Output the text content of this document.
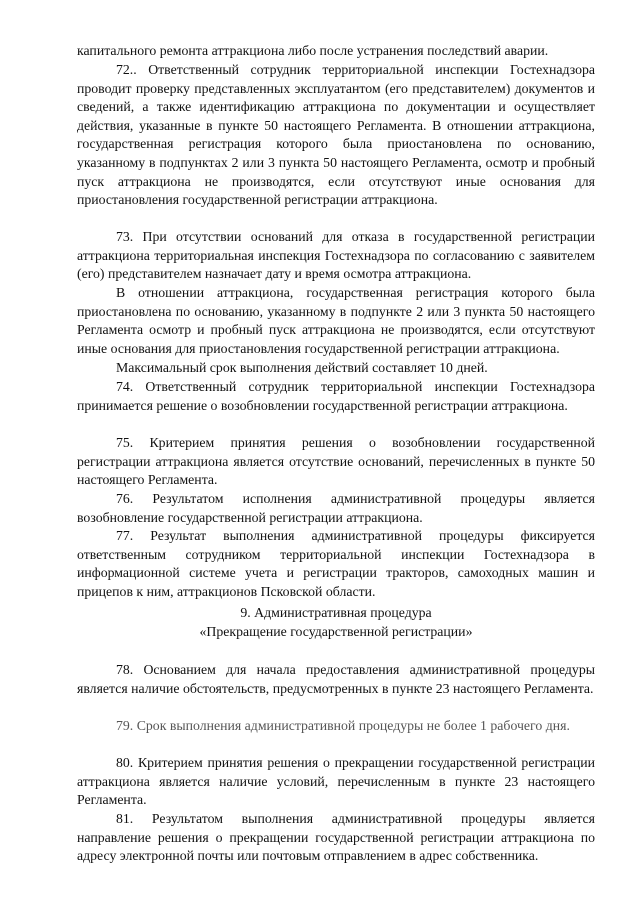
капитального ремонта аттракциона либо после устранения последствий аварии.

72.. Ответственный сотрудник территориальной инспекции Гостехнадзора проводит проверку представленных эксплуатантом (его представителем) документов и сведений, а также идентификацию аттракциона по документации и осуществляет действия, указанные в пункте 50 настоящего Регламента. В отношении аттракциона, государственная регистрация которого была приостановлена по основанию, указанному в подпунктах 2 или 3 пункта 50 настоящего Регламента, осмотр и пробный пуск аттракциона не производятся, если отсутствуют иные основания для приостановления государственной регистрации аттракциона.

73. При отсутствии оснований для отказа в государственной регистрации аттракциона территориальная инспекция Гостехнадзора по согласованию с заявителем (его) представителем назначает дату и время осмотра аттракциона.

В отношении аттракциона, государственная регистрация которого была приостановлена по основанию, указанному в подпункте 2 или 3 пункта 50 настоящего Регламента осмотр и пробный пуск аттракциона не производятся, если отсутствуют иные основания для приостановления государственной регистрации аттракциона.

Максимальный срок выполнения действий составляет 10 дней.

74. Ответственный сотрудник территориальной инспекции Гостехнадзора принимается решение о возобновлении государственной регистрации аттракциона.

75. Критерием принятия решения о возобновлении государственной регистрации аттракциона является отсутствие оснований, перечисленных в пункте 50 настоящего Регламента.

76. Результатом исполнения административной процедуры является возобновление государственной регистрации аттракциона.

77. Результат выполнения административной процедуры фиксируется ответственным сотрудником территориальной инспекции Гостехнадзора в информационной системе учета и регистрации тракторов, самоходных машин и прицепов к ним, аттракционов Псковской области.

9. Административная процедура

«Прекращение государственной регистрации»

78. Основанием для начала предоставления административной процедуры является наличие обстоятельств, предусмотренных в пункте 23 настоящего Регламента.

79. Срок выполнения административной процедуры не более 1 рабочего дня.

80. Критерием принятия решения о прекращении государственной регистрации аттракциона является наличие условий, перечисленным в пункте 23 настоящего Регламента.

81. Результатом выполнения административной процедуры является направление решения о прекращении государственной регистрации аттракциона по адресу электронной почты или почтовым отправлением в адрес собственника.
